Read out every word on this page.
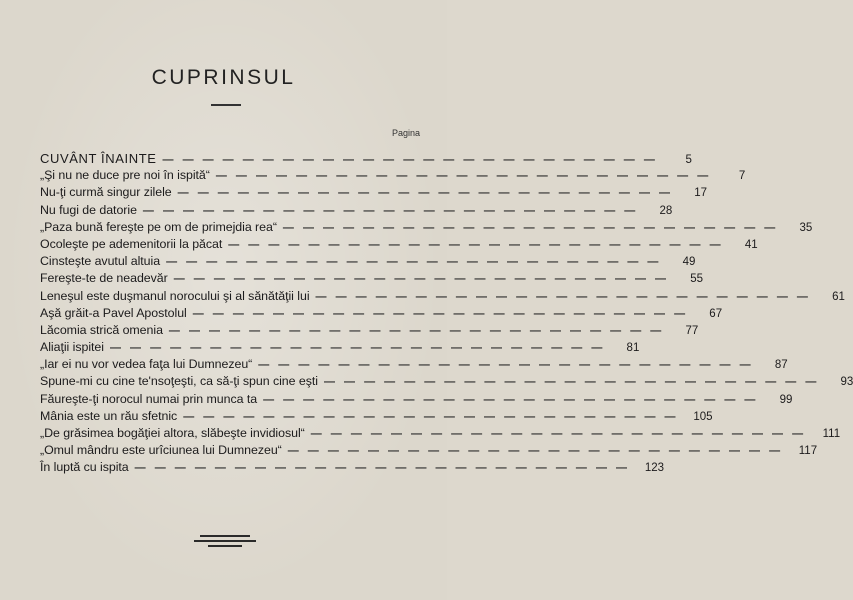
CUPRINSUL
Pagina
CUVÂNT ÎNAINTE — — — — — — — — — — — — — — — — — — — — — — — — —	5
„Şi nu ne duce pre noi în ispită“ — — — — — — — — — — — — — — — — — — — — — — — — —	7
Nu-ţi curmă singur zilele — — — — — — — — — — — — — — — — — — — — — — — — —	17
Nu fugi de datorie — — — — — — — — — — — — — — — — — — — — — — — — —	28
„Paza bună fereşte pe om de primejdia rea“ — — — — — — — — — — — — — — — — — — — — — — — — —	35
Ocoleşte pe ademenitorii la păcat — — — — — — — — — — — — — — — — — — — — — — — — —	41
Cinsteşte avutul altuia — — — — — — — — — — — — — — — — — — — — — — — — —	49
Fereşte-te de neadevăr — — — — — — — — — — — — — — — — — — — — — — — — —	55
Leneşul este duşmanul norocului şi al sănătăţii lui — — — — — — — — — — — — — — — — — — — — — — — — —	61
Aşă grăit-a Pavel Apostolul — — — — — — — — — — — — — — — — — — — — — — — — —	67
Lăcomia strică omenia — — — — — — — — — — — — — — — — — — — — — — — — —	77
Aliaţii ispitei — — — — — — — — — — — — — — — — — — — — — — — — —	81
„Iar ei nu vor vedea faţa lui Dumnezeu“ — — — — — — — — — — — — — — — — — — — — — — — — —	87
Spune-mi cu cine te'nsoţeşti, ca să-ţi spun cine eşti — — — — — — — — — — — — — — — — — — — — — — — — —	93
Făureşte-ţi norocul numai prin munca ta — — — — — — — — — — — — — — — — — — — — — — — — —	99
Mânia este un rău sfetnic — — — — — — — — — — — — — — — — — — — — — — — — —	105
„De grăsimea bogăţiei altora, slăbeşte invidiosul“ — — — — — — — — — — — — — — — — — — — — — — — — —	111
„Omul mândru este urîciunea lui Dumnezeu“ — — — — — — — — — — — — — — — — — — — — — — — — —	117
În luptă cu ispita — — — — — — — — — — — — — — — — — — — — — — — — —	123
